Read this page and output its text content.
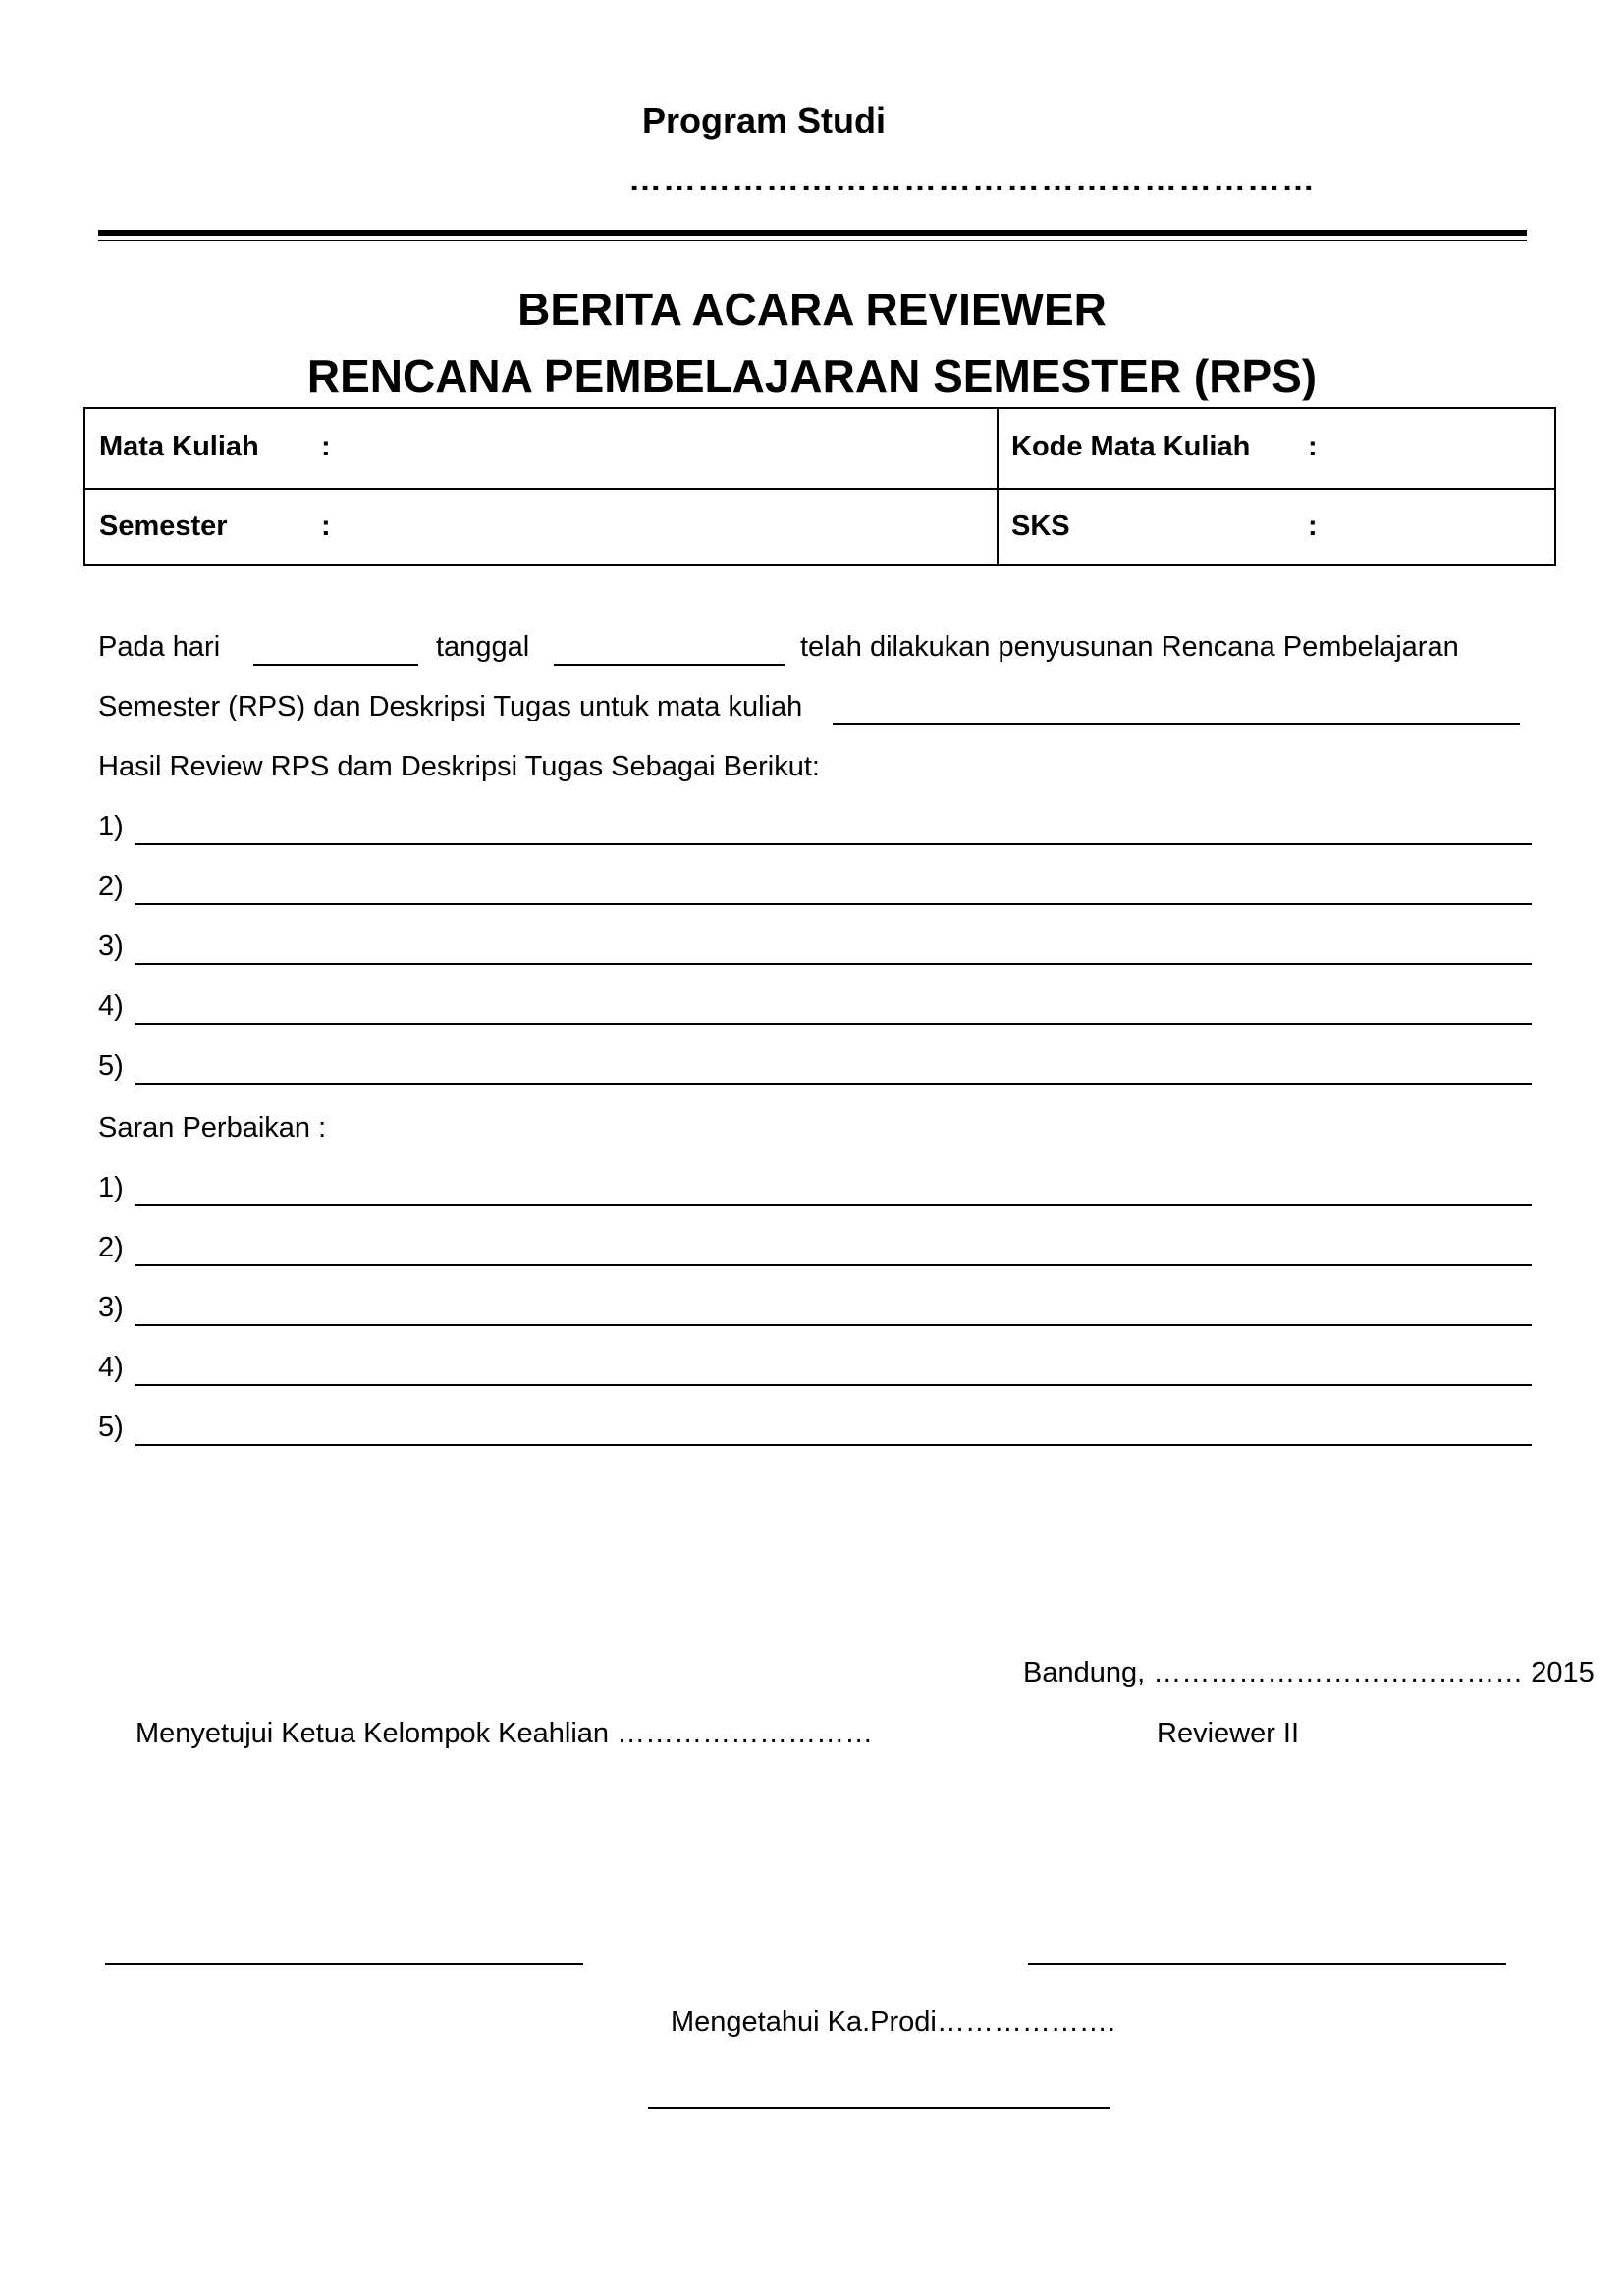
Program Studi
……………………………………………………
BERITA ACARA REVIEWER
RENCANA PEMBELAJARAN SEMESTER (RPS)
Mata Kuliah :	Kode Mata Kuliah :
Semester	:	SKS	:
Pada hari	tanggal	telah dilakukan penyusunan Rencana Pembelajaran
Semester (RPS) dan Deskripsi Tugas untuk mata kuliah
Hasil Review RPS dam Deskripsi Tugas Sebagai Berikut:
1)
2)
3)
4)
5)
Saran Perbaikan :
1)
2)
3)
4)
5)
Bandung, ………………………………… 2015
Menyetujui Ketua Kelompok Keahlian ………………………	Reviewer II
Mengetahui Ka.Prodi……………….
